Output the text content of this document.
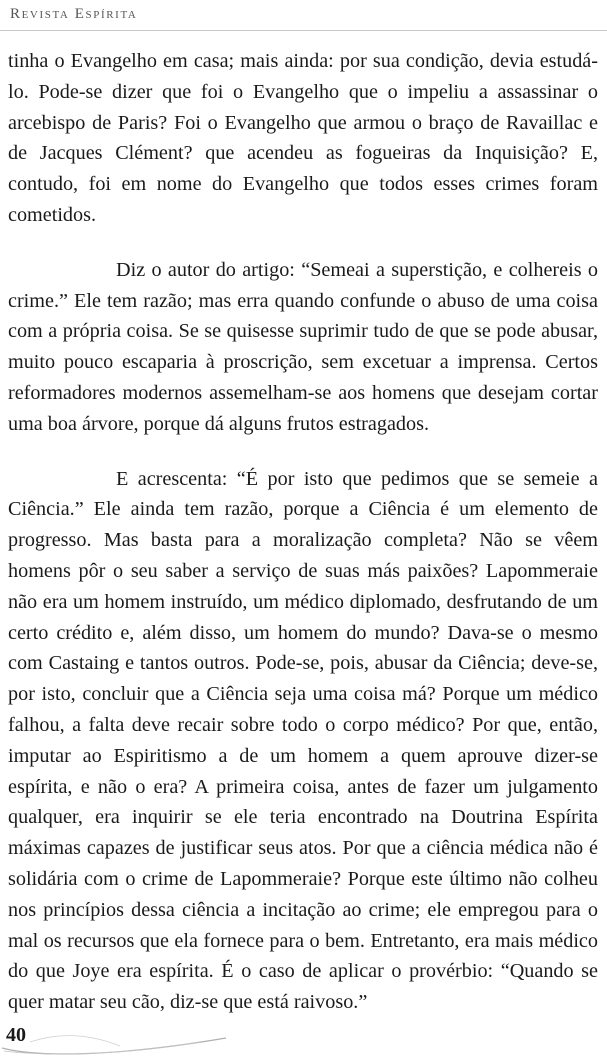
Revista Espírita

tinha o Evangelho em casa; mais ainda: por sua condição, devia estudá-lo. Pode-se dizer que foi o Evangelho que o impeliu a assassinar o arcebispo de Paris? Foi o Evangelho que armou o braço de Ravaillac e de Jacques Clément? que acendeu as fogueiras da Inquisição? E, contudo, foi em nome do Evangelho que todos esses crimes foram cometidos.

Diz o autor do artigo: “Semeai a superstição, e colhereis o crime.” Ele tem razão; mas erra quando confunde o abuso de uma coisa com a própria coisa. Se se quisesse suprimir tudo de que se pode abusar, muito pouco escaparia à proscrição, sem excetuar a imprensa. Certos reformadores modernos assemelham-se aos homens que desejam cortar uma boa árvore, porque dá alguns frutos estragados.

E acrescenta: “É por isto que pedimos que se semeie a Ciência.” Ele ainda tem razão, porque a Ciência é um elemento de progresso. Mas basta para a moralização completa? Não se vêem homens pôr o seu saber a serviço de suas más paixões? Lapommeraie não era um homem instruído, um médico diplomado, desfrutando de um certo crédito e, além disso, um homem do mundo? Dava-se o mesmo com Castaing e tantos outros. Pode-se, pois, abusar da Ciência; deve-se, por isto, concluir que a Ciência seja uma coisa má? Porque um médico falhou, a falta deve recair sobre todo o corpo médico? Por que, então, imputar ao Espiritismo a de um homem a quem aprouve dizer-se espírita, e não o era? A primeira coisa, antes de fazer um julgamento qualquer, era inquirir se ele teria encontrado na Doutrina Espírita máximas capazes de justificar seus atos. Por que a ciência médica não é solidária com o crime de Lapommeraie? Porque este último não colheu nos princípios dessa ciência a incitação ao crime; ele empregou para o mal os recursos que ela fornece para o bem. Entretanto, era mais médico do que Joye era espírita. É o caso de aplicar o provérbio: “Quando se quer matar seu cão, diz-se que está raivoso.”

40
